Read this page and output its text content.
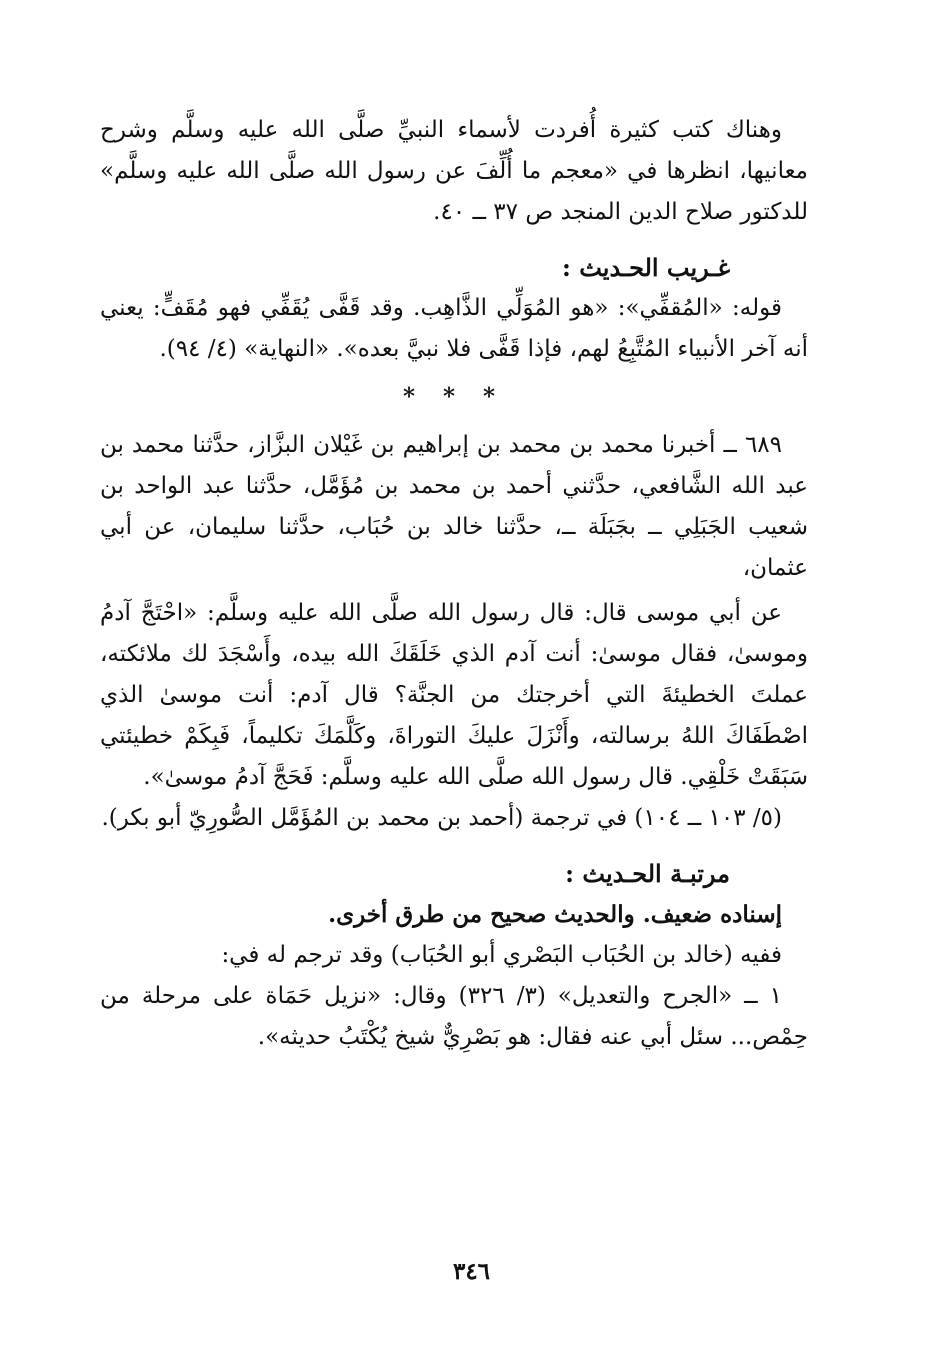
وهناك كتب كثيرة أُفردت لأسماء النبيِّ صلَّى الله عليه وسلَّم وشرح معانيها، انظرها في «معجم ما أُلِّفَ عن رسول الله صلَّى الله عليه وسلَّم» للدكتور صلاح الدين المنجد ص ٣٧ ــ ٤٠.

غـريب الحـديث :

قوله: «المُقفِّي»: «هو المُوَلِّي الذَّاهِب. وقد قَفَّى يُقَفِّي فهو مُقَفٍّ: يعني أنه آخر الأنبياء المُتَّبِعُ لهم، فإذا قَفَّى فلا نبيَّ بعده». «النهاية» (٤/ ٩٤).

* * *

٦٨٩ ــ أخبرنا محمد بن محمد بن إبراهيم بن غَيْلان البزَّاز، حدَّثنا محمد بن عبد الله الشَّافعي، حدَّثني أحمد بن محمد بن مُؤَمَّل، حدَّثنا عبد الواحد بن شعيب الجَبَلِي ــ بجَبَلَة ــ، حدَّثنا خالد بن حُبَاب، حدَّثنا سليمان، عن أبي عثمان،

عن أبي موسى قال: قال رسول الله صلَّى الله عليه وسلَّم: «احْتَجَّ آدمُ وموسىٰ، فقال موسىٰ: أنت آدم الذي خَلَقَكَ الله بيده، وأَسْجَدَ لك ملائكته، عملتَ الخطيئةَ التي أخرجتك من الجنَّة؟ قال آدم: أنت موسىٰ الذي اصْطَفَاكَ اللهُ برسالته، وأَنْزَلَ عليكَ التوراةَ، وكَلَّمَكَ تكليماً، فَبِكَمْ خطيئتي سَبَقَتْ خَلْقِي. قال رسول الله صلَّى الله عليه وسلَّم: فَحَجَّ آدمُ موسىٰ».

(٥/ ١٠٣ ــ ١٠٤) في ترجمة (أحمد بن محمد بن المُؤَمَّل الصُّورِيّ أبو بكر).

مرتبـة الحـديث :

إسناده ضعيف. والحديث صحيح من طرق أخرى.

ففيه (خالد بن الحُبَاب البَصْري أبو الحُبَاب) وقد ترجم له في:

١ ــ «الجرح والتعديل» (٣/ ٣٢٦) وقال: «نزيل حَمَاة على مرحلة من حِمْص... سئل أبي عنه فقال: هو بَصْرِيٌّ شيخ يُكْتَبُ حديثه».

٣٤٦
